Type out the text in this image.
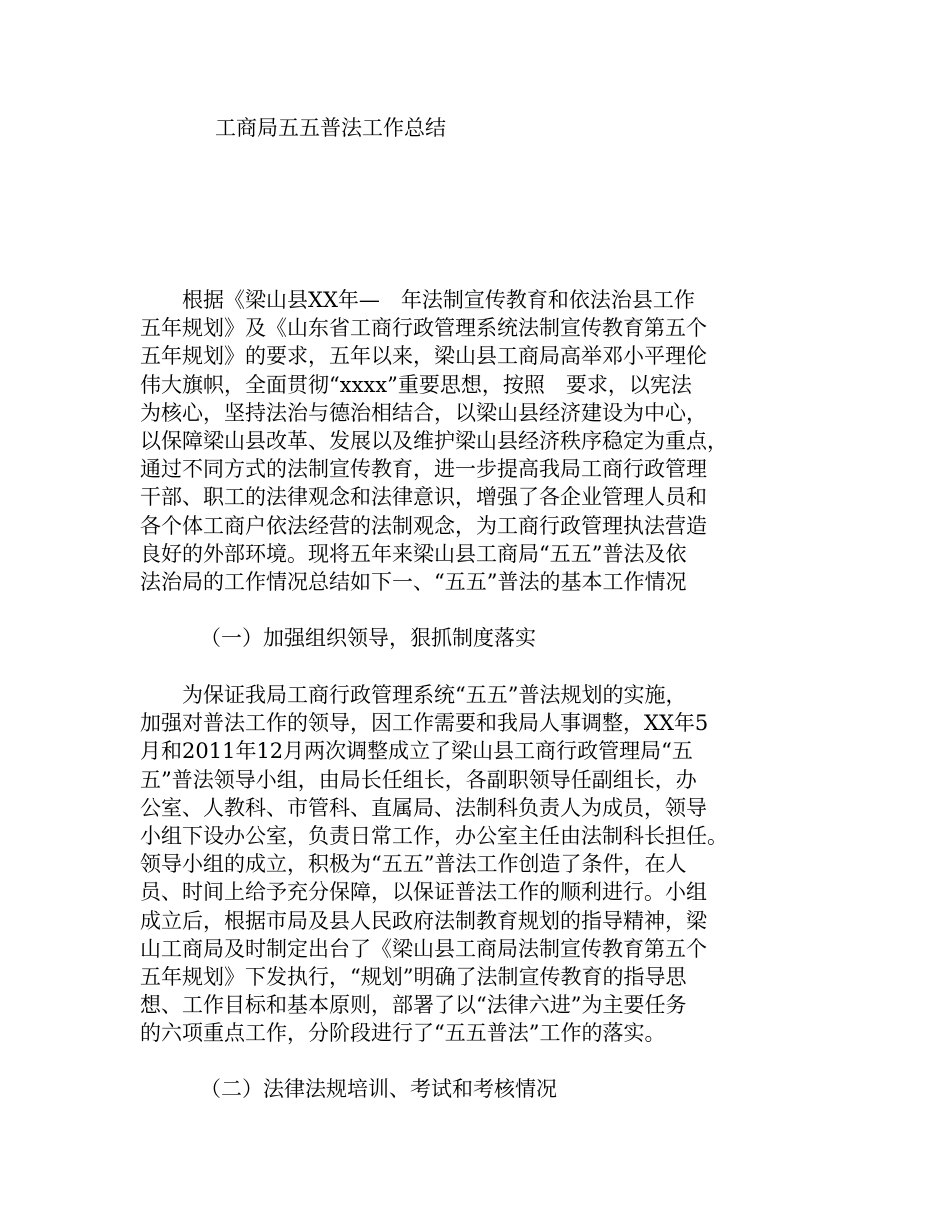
工商局五五普法工作总结
　　根据《梁山县XX年—　年法制宣传教育和依法治县工作
五年规划》及《山东省工商行政管理系统法制宣传教育第五个
五年规划》的要求，五年以来，梁山县工商局高举邓小平理伦
伟大旗帜，全面贯彻“xxxx”重要思想，按照　要求，以宪法
为核心，坚持法治与德治相结合，以梁山县经济建设为中心，
以保障梁山县改革、发展以及维护梁山县经济秩序稳定为重点，
通过不同方式的法制宣传教育，进一步提高我局工商行政管理
干部、职工的法律观念和法律意识，增强了各企业管理人员和
各个体工商户依法经营的法制观念，为工商行政管理执法营造
良好的外部环境。现将五年来梁山县工商局“五五”普法及依
法治局的工作情况总结如下一、“五五”普法的基本工作情况
（一）加强组织领导，狠抓制度落实
　　为保证我局工商行政管理系统“五五”普法规划的实施，
加强对普法工作的领导，因工作需要和我局人事调整，XX年5
月和2011年12月两次调整成立了梁山县工商行政管理局“五
五”普法领导小组，由局长任组长，各副职领导任副组长，办
公室、人教科、市管科、直属局、法制科负责人为成员，领导
小组下设办公室，负责日常工作，办公室主任由法制科长担任。
领导小组的成立，积极为“五五”普法工作创造了条件，在人
员、时间上给予充分保障，以保证普法工作的顺利进行。小组
成立后，根据市局及县人民政府法制教育规划的指导精神，梁
山工商局及时制定出台了《梁山县工商局法制宣传教育第五个
五年规划》下发执行，“规划”明确了法制宣传教育的指导思
想、工作目标和基本原则，部署了以“法律六进”为主要任务
的六项重点工作，分阶段进行了“五五普法”工作的落实。
（二）法律法规培训、考试和考核情况
